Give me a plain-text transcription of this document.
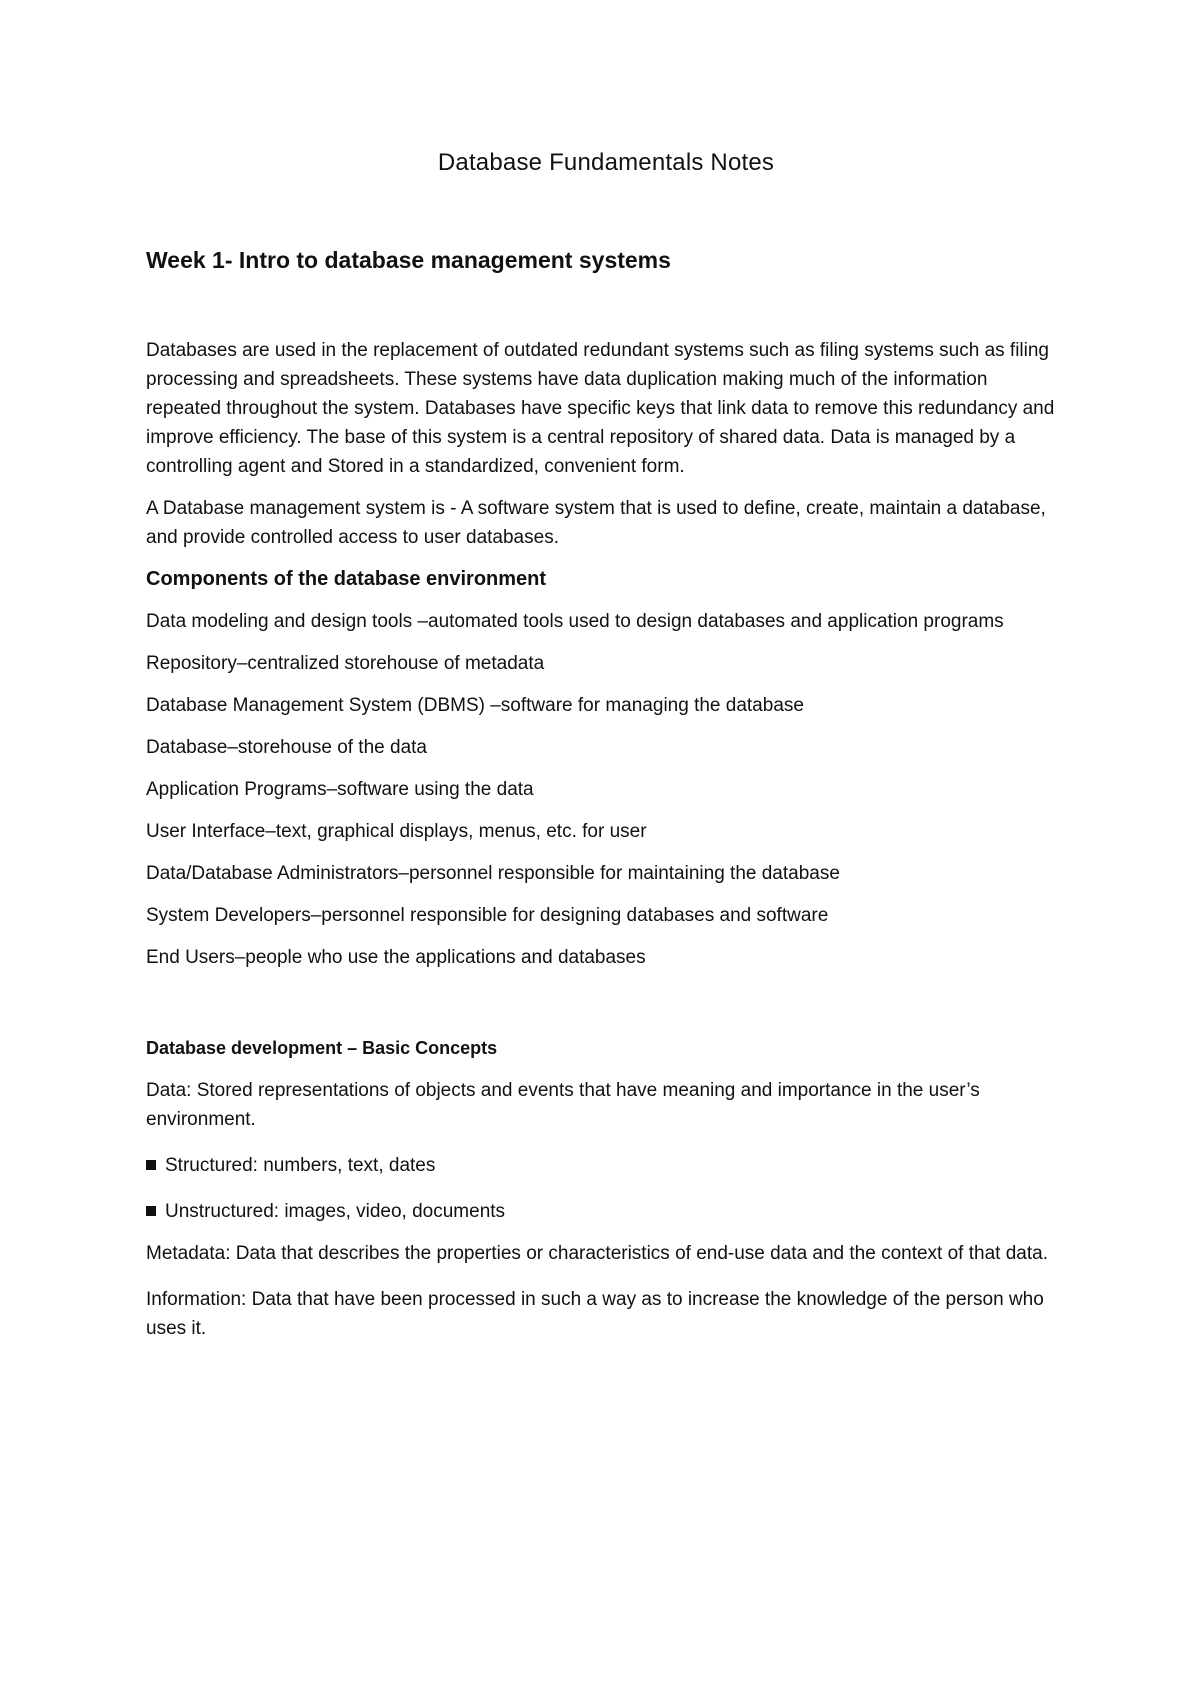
Database Fundamentals Notes

Week 1- Intro to database management systems

Databases are used in the replacement of outdated redundant systems such as filing systems such as filing processing and spreadsheets. These systems have data duplication making much of the information repeated throughout the system. Databases have specific keys that link data to remove this redundancy and improve efficiency. The base of this system is a central repository of shared data. Data is managed by a controlling agent and Stored in a standardized, convenient form.

A Database management system is - A software system that is used to define, create, maintain a database, and provide controlled access to user databases.

Components of the database environment

Data modeling and design tools –automated tools used to design databases and application programs

Repository–centralized storehouse of metadata

Database Management System (DBMS) –software for managing the database

Database–storehouse of the data

Application Programs–software using the data

User Interface–text, graphical displays, menus, etc. for user

Data/Database Administrators–personnel responsible for maintaining the database

System Developers–personnel responsible for designing databases and software

End Users–people who use the applications and databases

Database development – Basic Concepts

Data: Stored representations of objects and events that have meaning and importance in the user’s environment.

Structured: numbers, text, dates

Unstructured: images, video, documents

Metadata: Data that describes the properties or characteristics of end-use data and the context of that data.

Information: Data that have been processed in such a way as to increase the knowledge of the person who uses it.
